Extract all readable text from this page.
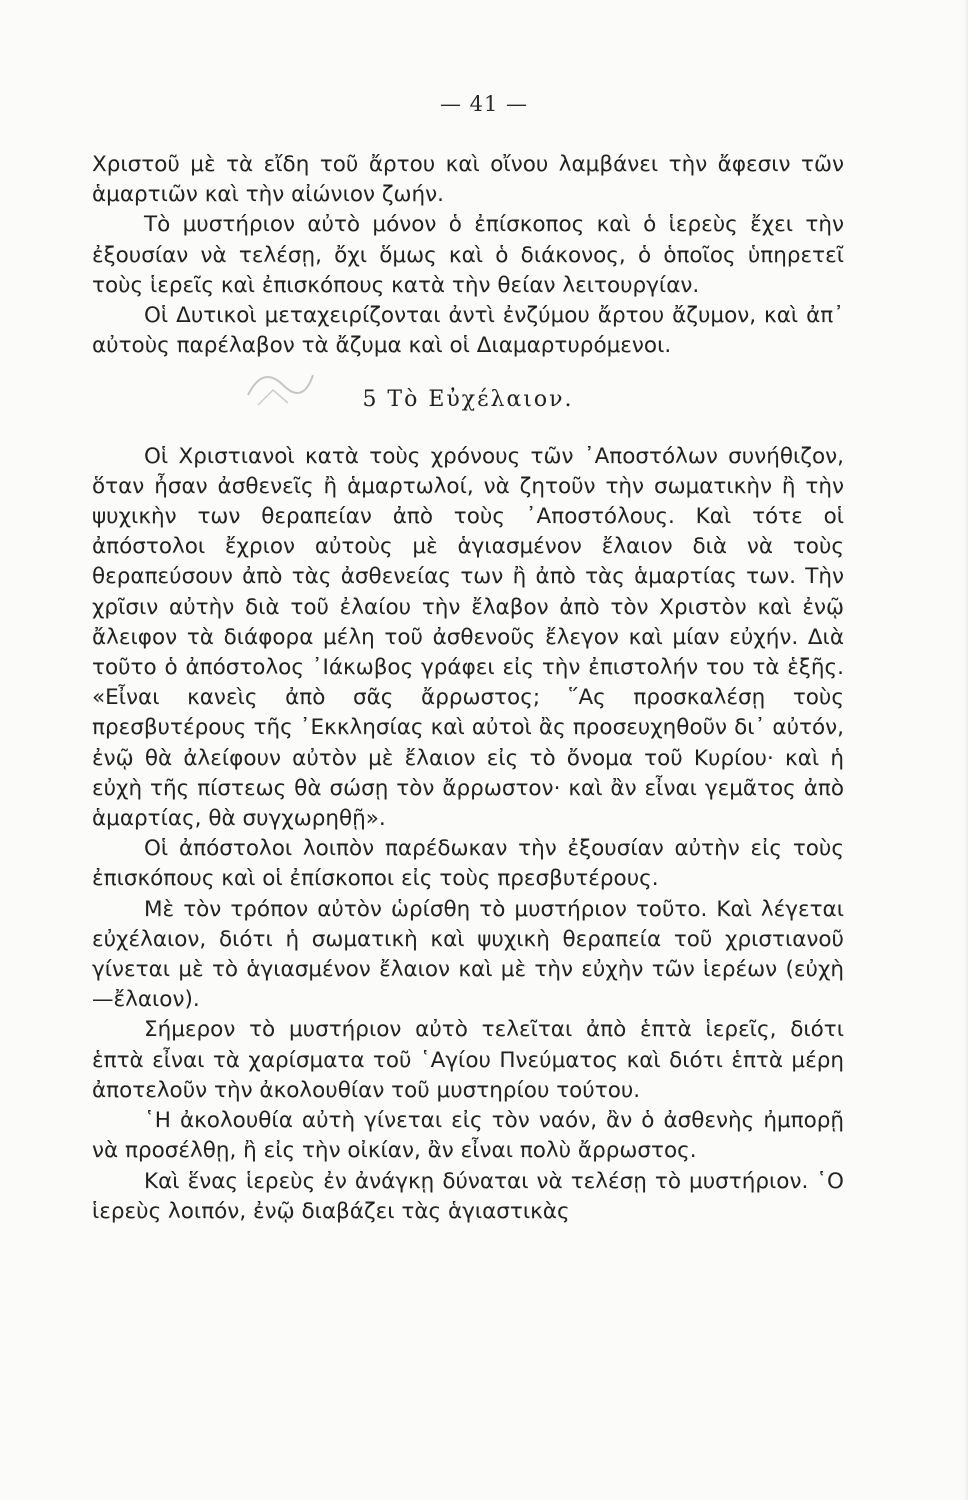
— 41 —

Χριστοῦ μὲ τὰ εἴδη τοῦ ἄρτου καὶ οἴνου λαμβάνει τὴν ἄφεσιν τῶν ἁμαρτιῶν καὶ τὴν αἰώνιον ζωήν.

Τὸ μυστήριον αὐτὸ μόνον ὁ ἐπίσκοπος καὶ ὁ ἱερεὺς ἔχει τὴν ἐξουσίαν νὰ τελέσῃ, ὄχι ὅμως καὶ ὁ διάκονος, ὁ ὁποῖος ὑπηρετεῖ τοὺς ἱερεῖς καὶ ἐπισκόπους κατὰ τὴν θείαν λειτουργίαν.

Οἱ Δυτικοὶ μεταχειρίζονται ἀντὶ ἐνζύμου ἄρτου ἄζυμον, καὶ ἀπ᾽ αὐτοὺς παρέλαβον τὰ ἄζυμα καὶ οἱ Διαμαρτυρόμενοι.

5 Τὸ Εὐχέλαιον.

Οἱ Χριστιανοὶ κατὰ τοὺς χρόνους τῶν ᾽Αποστόλων συνήθιζον, ὅταν ἦσαν ἀσθενεῖς ἢ ἁμαρτωλοί, νὰ ζητοῦν τὴν σωματικὴν ἢ τὴν ψυχικὴν των θεραπείαν ἀπὸ τοὺς ᾽Αποστόλους. Καὶ τότε οἱ ἀπόστολοι ἔχριον αὐτοὺς μὲ ἁγιασμένον ἔλαιον διὰ νὰ τοὺς θεραπεύσουν ἀπὸ τὰς ἀσθενείας των ἢ ἀπὸ τὰς ἁμαρτίας των. Τὴν χρῖσιν αὐτὴν διὰ τοῦ ἐλαίου τὴν ἔλαβον ἀπὸ τὸν Χριστὸν καὶ ἐνῷ ἄλειφον τὰ διάφορα μέλη τοῦ ἀσθενοῦς ἔλεγον καὶ μίαν εὐχήν. Διὰ τοῦτο ὁ ἀπόστολος ᾽Ιάκωβος γράφει εἰς τὴν ἐπιστολήν του τὰ ἑξῆς. «Εἶναι κανεὶς ἀπὸ σᾶς ἄρρωστος; ῞Ας προσκαλέσῃ τοὺς πρεσβυτέρους τῆς ᾽Εκκλησίας καὶ αὐτοὶ ἂς προσευχηθοῦν δι᾽ αὐτόν, ἐνῷ θὰ ἀλείφουν αὐτὸν μὲ ἔλαιον εἰς τὸ ὄνομα τοῦ Κυρίου· καὶ ἡ εὐχὴ τῆς πίστεως θὰ σώσῃ τὸν ἄρρωστον· καὶ ἂν εἶναι γεμᾶτος ἀπὸ ἁμαρτίας, θὰ συγχωρηθῇ».

Οἱ ἀπόστολοι λοιπὸν παρέδωκαν τὴν ἐξουσίαν αὐτὴν εἰς τοὺς ἐπισκόπους καὶ οἱ ἐπίσκοποι εἰς τοὺς πρεσβυτέρους.

Μὲ τὸν τρόπον αὐτὸν ὡρίσθη τὸ μυστήριον τοῦτο. Καὶ λέγεται εὐχέλαιον, διότι ἡ σωματικὴ καὶ ψυχικὴ θεραπεία τοῦ χριστιανοῦ γίνεται μὲ τὸ ἁγιασμένον ἔλαιον καὶ μὲ τὴν εὐχὴν τῶν ἱερέων (εὐχὴ—ἔλαιον).

Σήμερον τὸ μυστήριον αὐτὸ τελεῖται ἀπὸ ἑπτὰ ἱερεῖς, διότι ἑπτὰ εἶναι τὰ χαρίσματα τοῦ ῾Αγίου Πνεύματος καὶ διότι ἑπτὰ μέρη ἀποτελοῦν τὴν ἀκολουθίαν τοῦ μυστηρίου τούτου.

῾Η ἀκολουθία αὐτὴ γίνεται εἰς τὸν ναόν, ἂν ὁ ἀσθενὴς ἠμπορῇ νὰ προσέλθῃ, ἢ εἰς τὴν οἰκίαν, ἂν εἶναι πολὺ ἄρρωστος.

Καὶ ἕνας ἱερεὺς ἐν ἀνάγκῃ δύναται νὰ τελέσῃ τὸ μυστήριον. ῾Ο ἱερεὺς λοιπόν, ἐνῷ διαβάζει τὰς ἁγιαστικὰς
